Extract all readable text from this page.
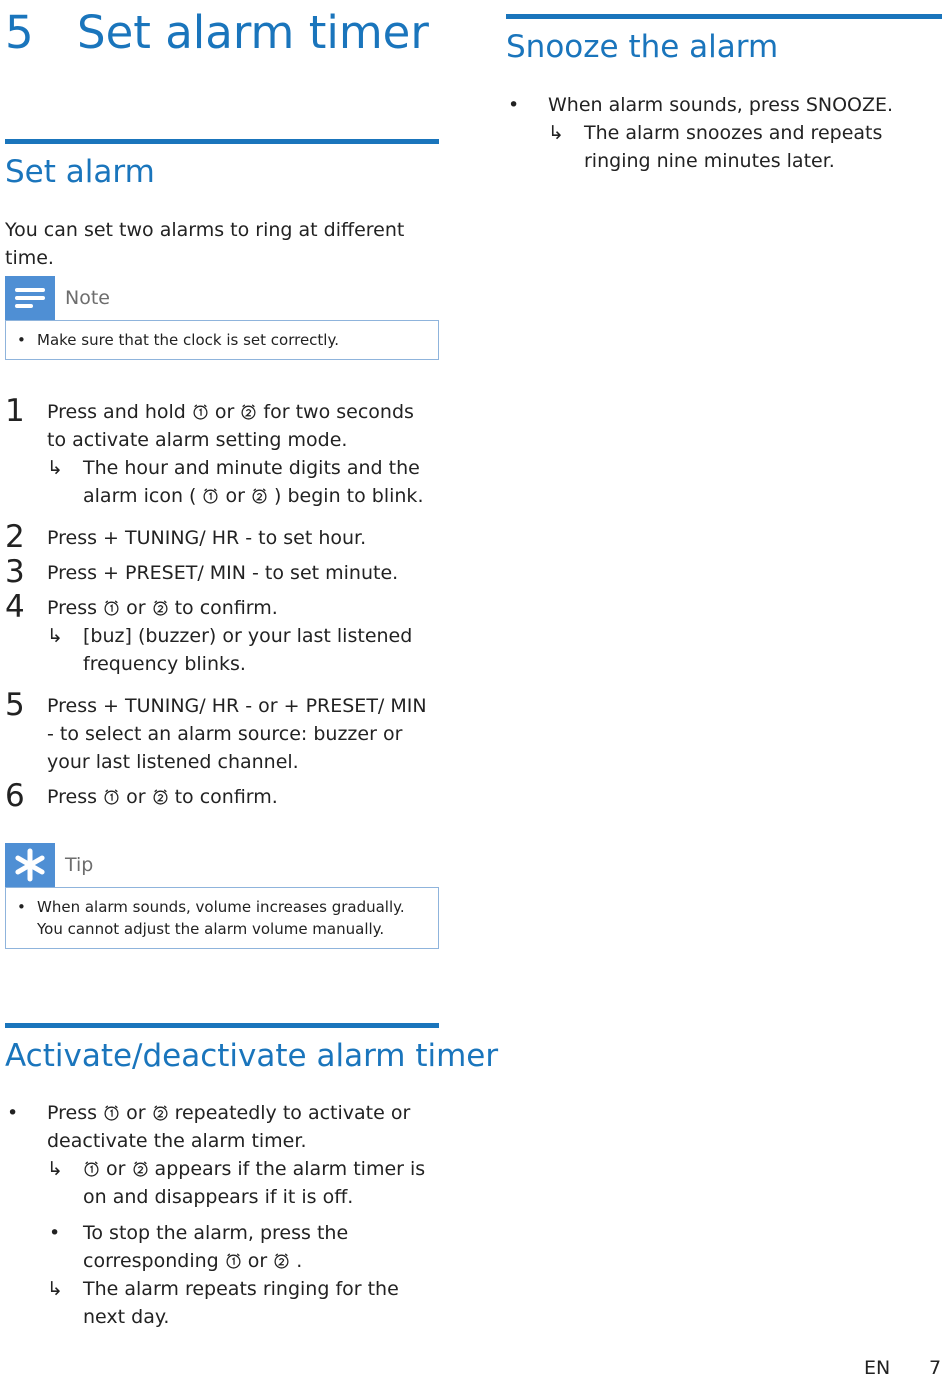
5 Set alarm timer
Set alarm
You can set two alarms to ring at different time.
Note
• Make sure that the clock is set correctly.
1 Press and hold  or  for two seconds to activate alarm setting mode.
↳ The hour and minute digits and the alarm icon (  or  ) begin to blink.
2 Press + TUNING/ HR - to set hour.
3 Press + PRESET/ MIN - to set minute.
4 Press  or  to confirm.
↳ [buz] (buzzer) or your last listened frequency blinks.
5 Press + TUNING/ HR - or + PRESET/ MIN - to select an alarm source: buzzer or your last listened channel.
6 Press  or  to confirm.
Tip
• When alarm sounds, volume increases gradually. You cannot adjust the alarm volume manually.
Activate/deactivate alarm timer
• Press  or  repeatedly to activate or deactivate the alarm timer.
↳ or  appears if the alarm timer is on and disappears if it is off.
• To stop the alarm, press the corresponding  or  .
↳ The alarm repeats ringing for the next day.
Snooze the alarm
• When alarm sounds, press SNOOZE.
↳ The alarm snoozes and repeats ringing nine minutes later.
EN 7
